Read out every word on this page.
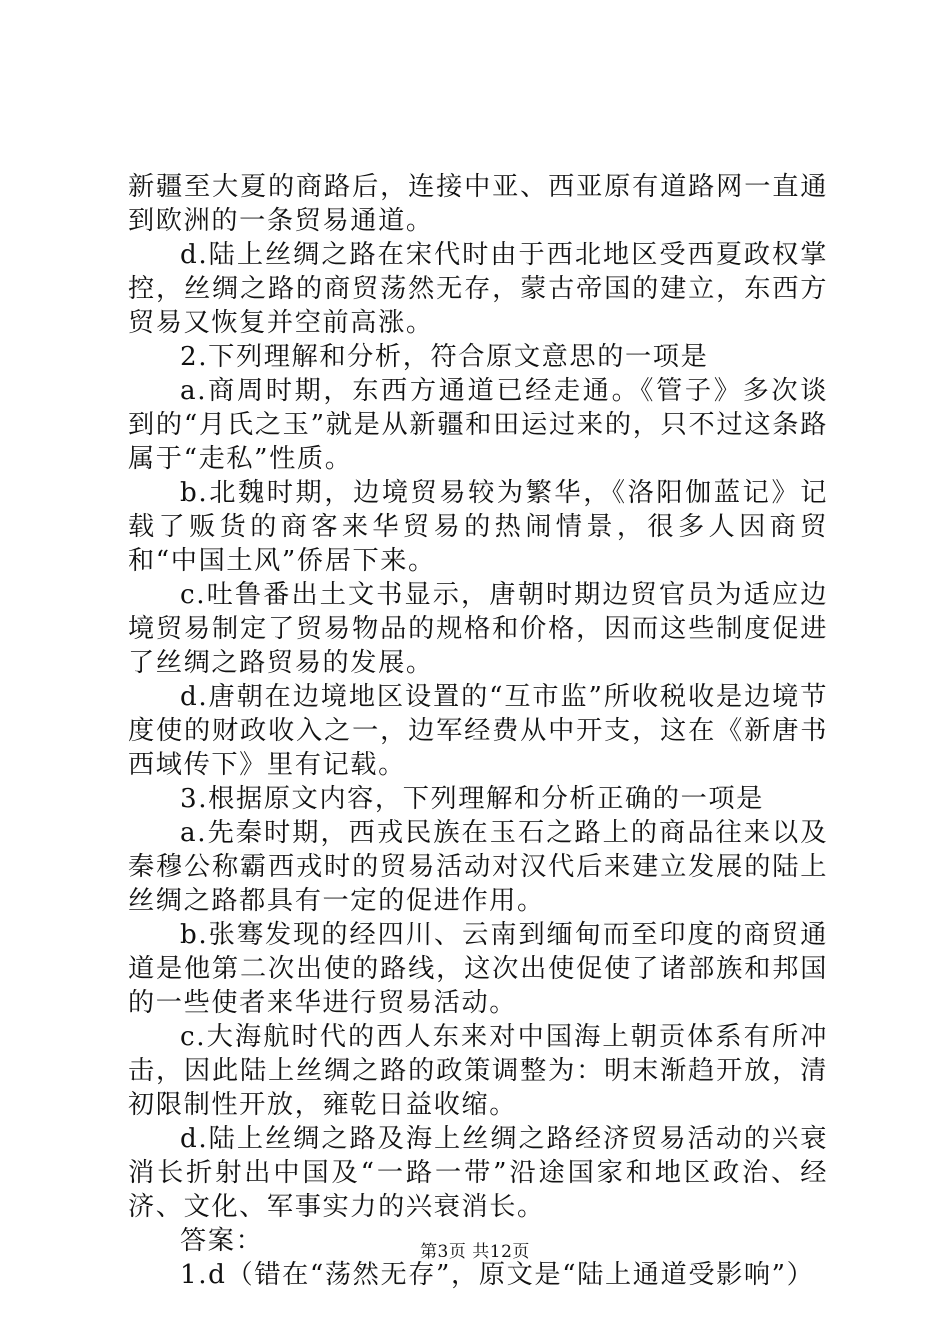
新疆至大夏的商路后，连接中亚、西亚原有道路网一直通到欧洲的一条贸易通道。

d.陆上丝绸之路在宋代时由于西北地区受西夏政权掌控，丝绸之路的商贸荡然无存，蒙古帝国的建立，东西方贸易又恢复并空前高涨。

2.下列理解和分析，符合原文意思的一项是

a.商周时期，东西方通道已经走通。《管子》多次谈到的“月氏之玉”就是从新疆和田运过来的，只不过这条路属于“走私”性质。

b.北魏时期，边境贸易较为繁华，《洛阳伽蓝记》记载了贩货的商客来华贸易的热闹情景，很多人因商贸和“中国土风”侨居下来。

c.吐鲁番出土文书显示，唐朝时期边贸官员为适应边境贸易制定了贸易物品的规格和价格，因而这些制度促进了丝绸之路贸易的发展。

d.唐朝在边境地区设置的“互市监”所收税收是边境节度使的财政收入之一，边军经费从中开支，这在《新唐书西域传下》里有记载。

3.根据原文内容，下列理解和分析正确的一项是

a.先秦时期，西戎民族在玉石之路上的商品往来以及秦穆公称霸西戎时的贸易活动对汉代后来建立发展的陆上丝绸之路都具有一定的促进作用。

b.张骞发现的经四川、云南到缅甸而至印度的商贸通道是他第二次出使的路线，这次出使促使了诸部族和邦国的一些使者来华进行贸易活动。

c.大海航时代的西人东来对中国海上朝贡体系有所冲击，因此陆上丝绸之路的政策调整为：明末渐趋开放，清初限制性开放，雍乾日益收缩。

d.陆上丝绸之路及海上丝绸之路经济贸易活动的兴衰消长折射出中国及“一路一带”沿途国家和地区政治、经济、文化、军事实力的兴衰消长。

答案：

1.d（错在“荡然无存”，原文是“陆上通道受影响”）

第3页 共12页
